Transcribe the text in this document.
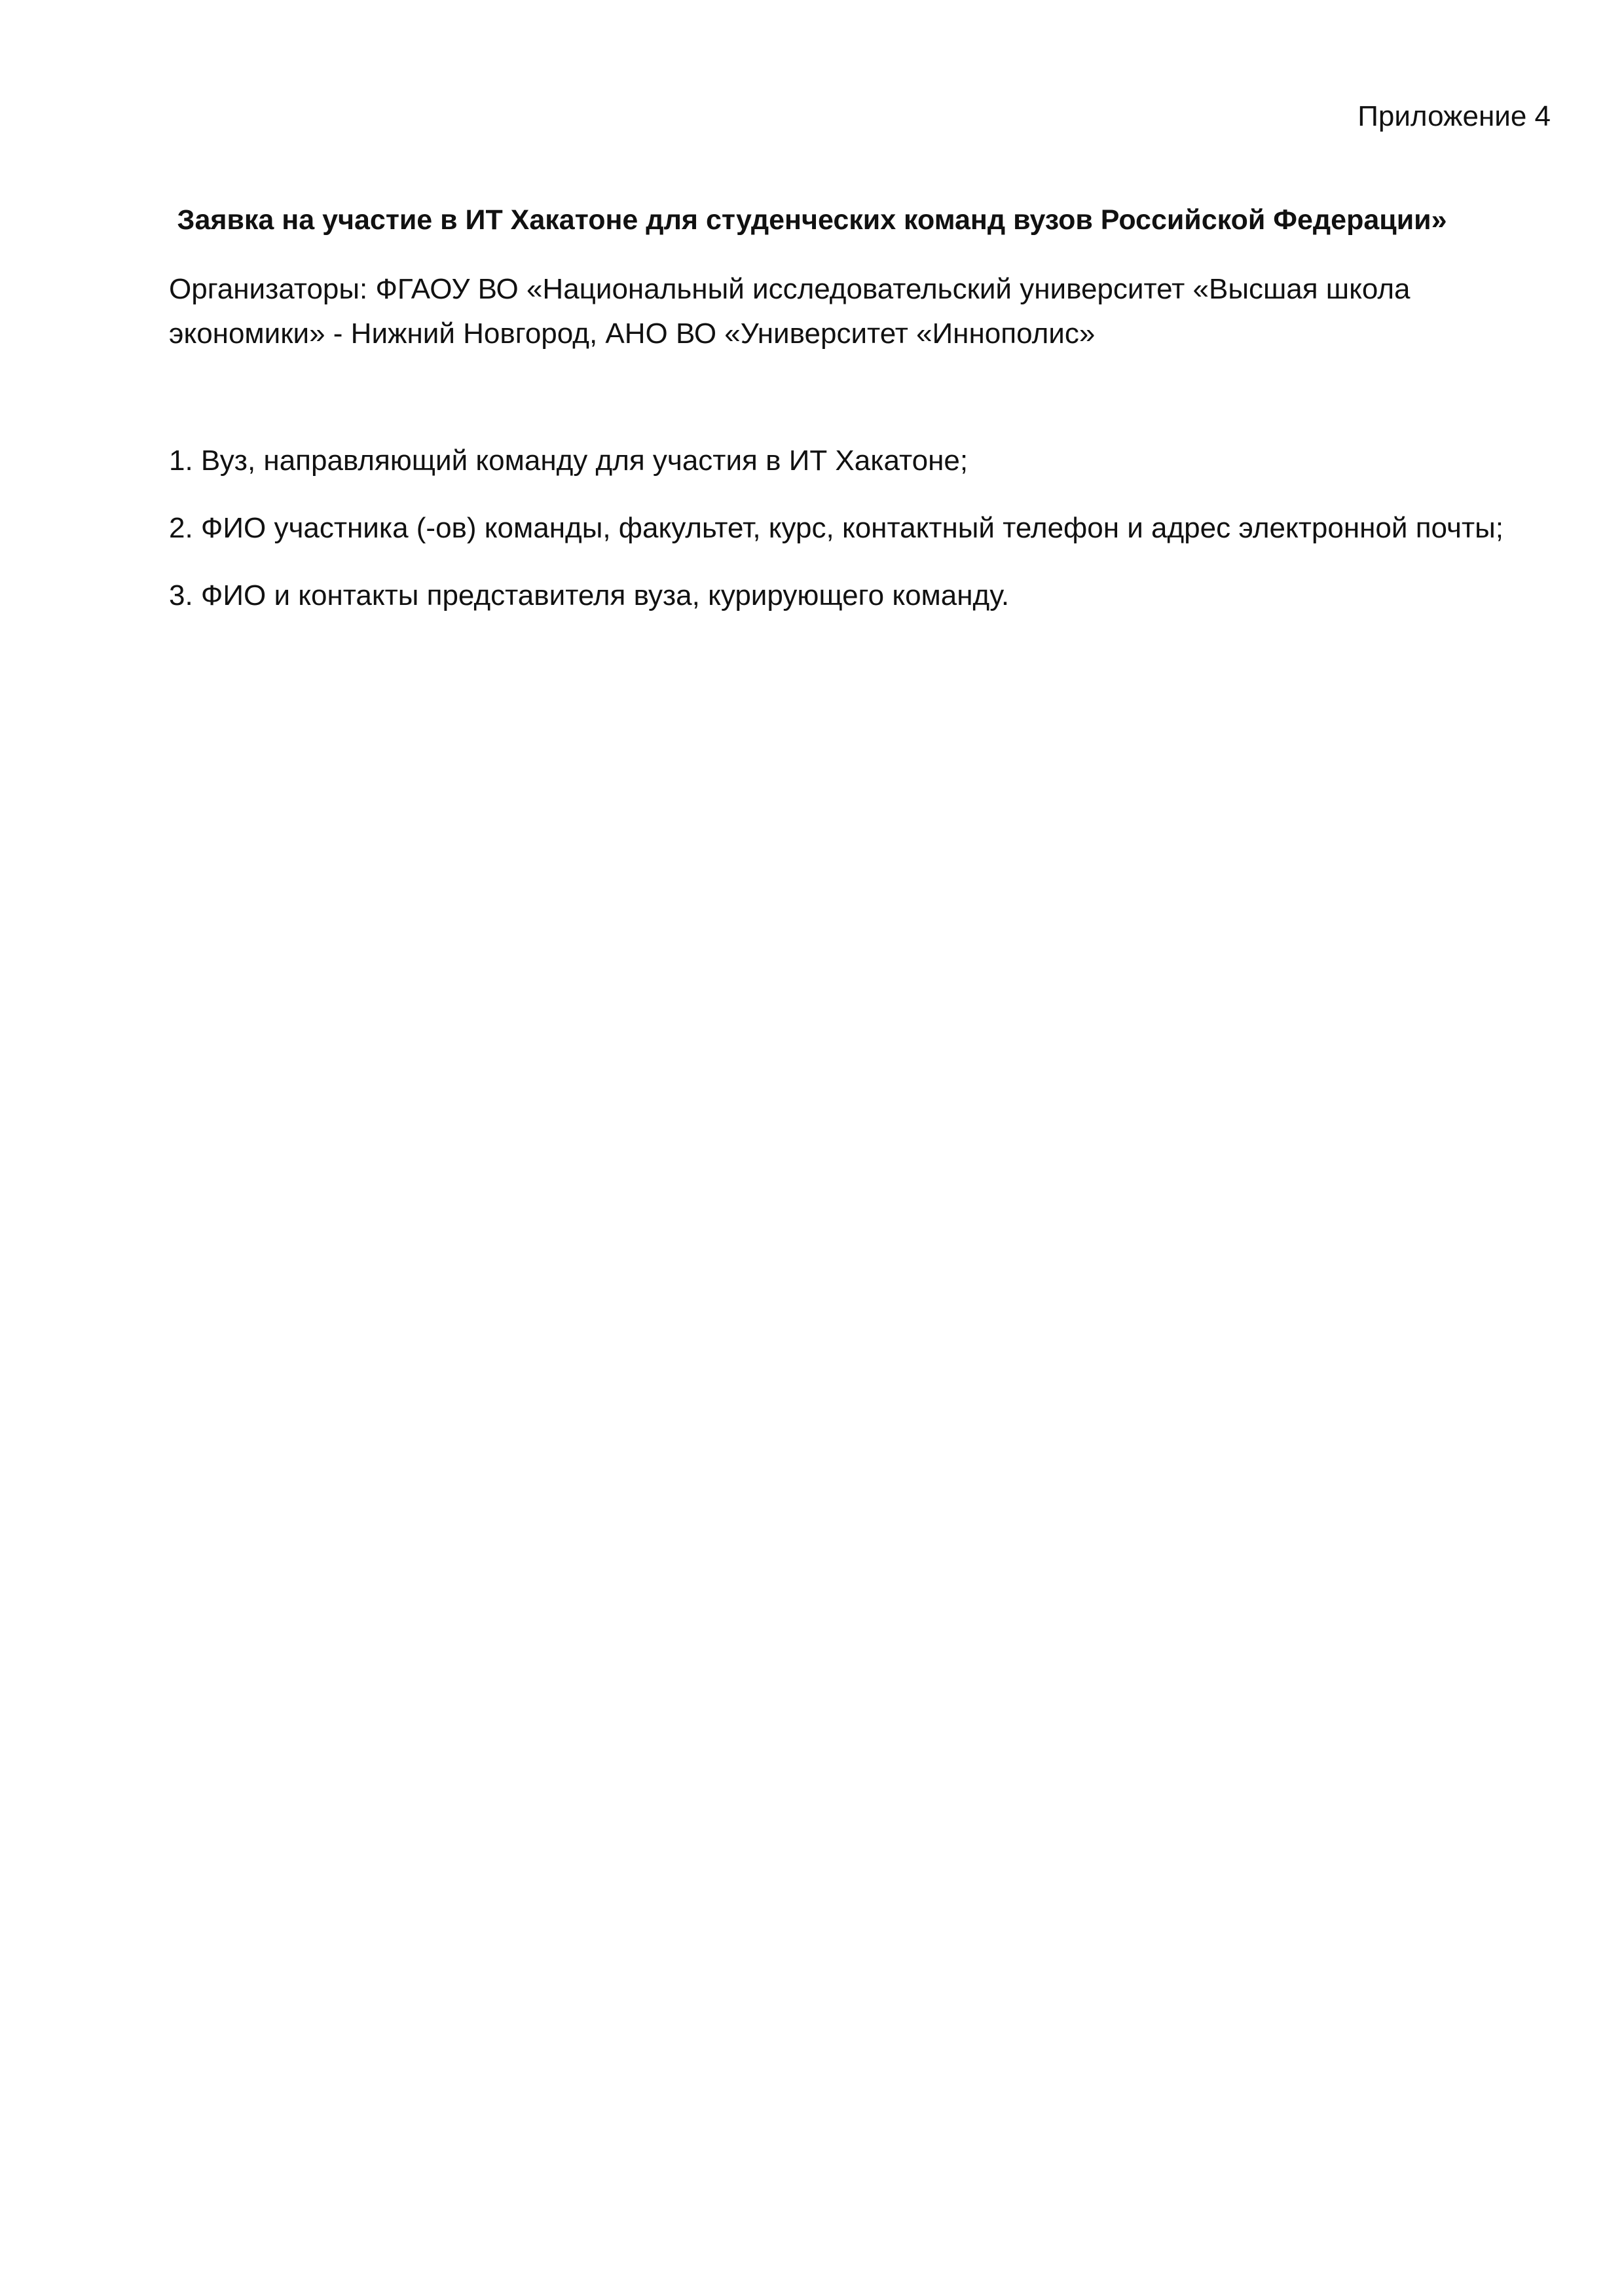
Приложение 4
Заявка на участие в ИТ Хакатоне для студенческих команд вузов Российской Федерации»
Организаторы: ФГАОУ ВО «Национальный исследовательский университет «Высшая школа
экономики» - Нижний Новгород, АНО ВО «Университет «Иннополис»
1. Вуз, направляющий команду для участия в ИТ Хакатоне;
2. ФИО участника (-ов) команды, факультет, курс, контактный телефон и адрес электронной почты;
3. ФИО и контакты представителя вуза, курирующего команду.
